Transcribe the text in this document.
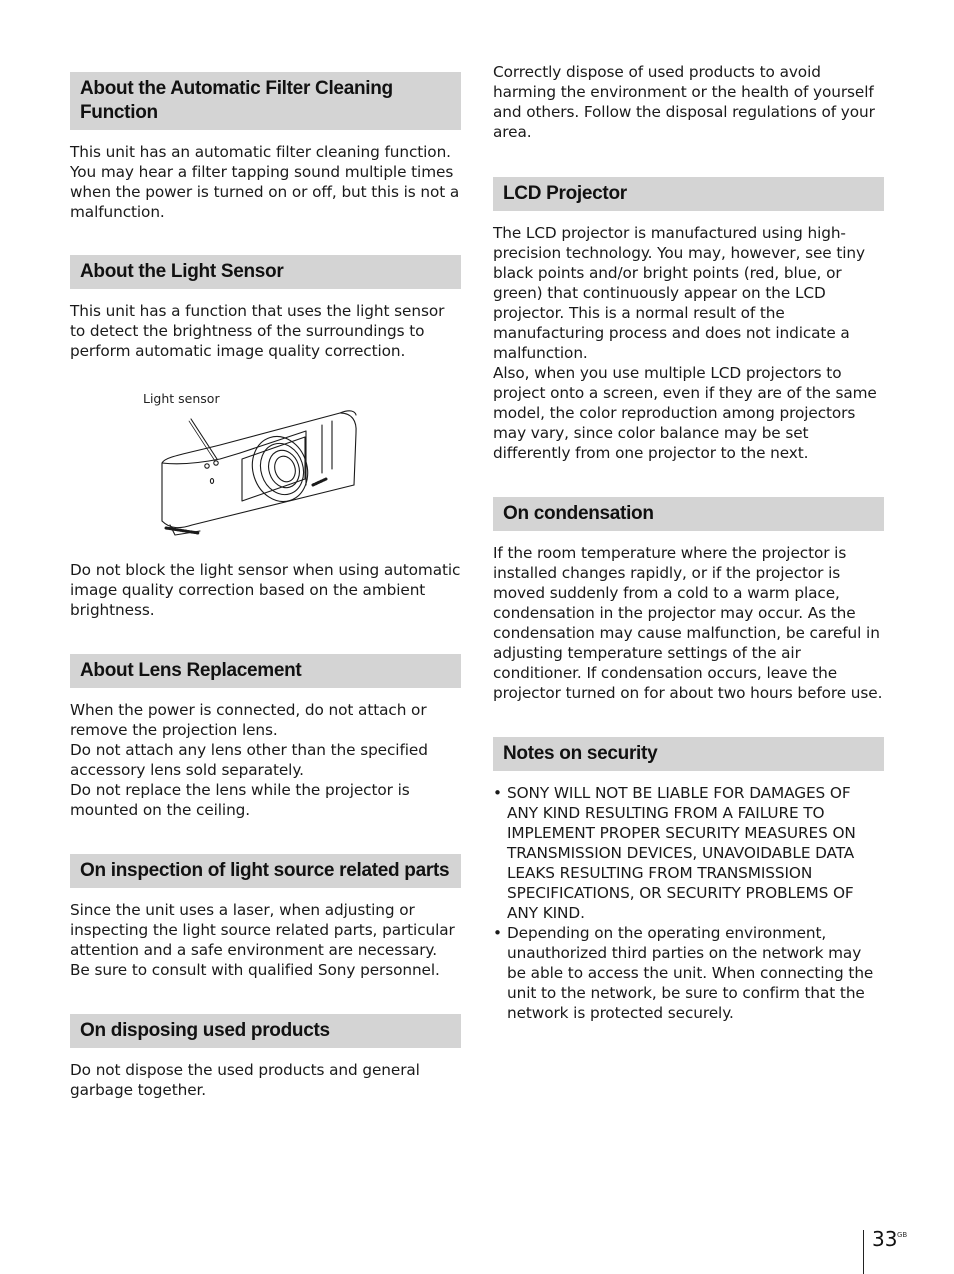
About the Automatic Filter Cleaning Function

This unit has an automatic filter cleaning function. You may hear a filter tapping sound multiple times when the power is turned on or off, but this is not a malfunction.

About the Light Sensor

This unit has a function that uses the light sensor to detect the brightness of the surroundings to perform automatic image quality correction.

Light sensor

Do not block the light sensor when using automatic image quality correction based on the ambient brightness.

About Lens Replacement

When the power is connected, do not attach or remove the projection lens.

Do not attach any lens other than the specified accessory lens sold separately.

Do not replace the lens while the projector is mounted on the ceiling.

On inspection of light source related parts

Since the unit uses a laser, when adjusting or inspecting the light source related parts, particular attention and a safe environment are necessary. Be sure to consult with qualified Sony personnel.

On disposing used products

Do not dispose the used products and general garbage together.

Correctly dispose of used products to avoid harming the environment or the health of yourself and others. Follow the disposal regulations of your area.

LCD Projector

The LCD projector is manufactured using high-precision technology. You may, however, see tiny black points and/or bright points (red, blue, or green) that continuously appear on the LCD projector. This is a normal result of the manufacturing process and does not indicate a malfunction.

Also, when you use multiple LCD projectors to project onto a screen, even if they are of the same model, the color reproduction among projectors may vary, since color balance may be set differently from one projector to the next.

On condensation

If the room temperature where the projector is installed changes rapidly, or if the projector is moved suddenly from a cold to a warm place, condensation in the projector may occur. As the condensation may cause malfunction, be careful in adjusting temperature settings of the air conditioner. If condensation occurs, leave the projector turned on for about two hours before use.

Notes on security
• SONY WILL NOT BE LIABLE FOR DAMAGES OF ANY KIND RESULTING FROM A FAILURE TO IMPLEMENT PROPER SECURITY MEASURES ON TRANSMISSION DEVICES, UNAVOIDABLE DATA LEAKS RESULTING FROM TRANSMISSION SPECIFICATIONS, OR SECURITY PROBLEMS OF ANY KIND.
• Depending on the operating environment, unauthorized third parties on the network may be able to access the unit. When connecting the unit to the network, be sure to confirm that the network is protected securely.
33 GB
